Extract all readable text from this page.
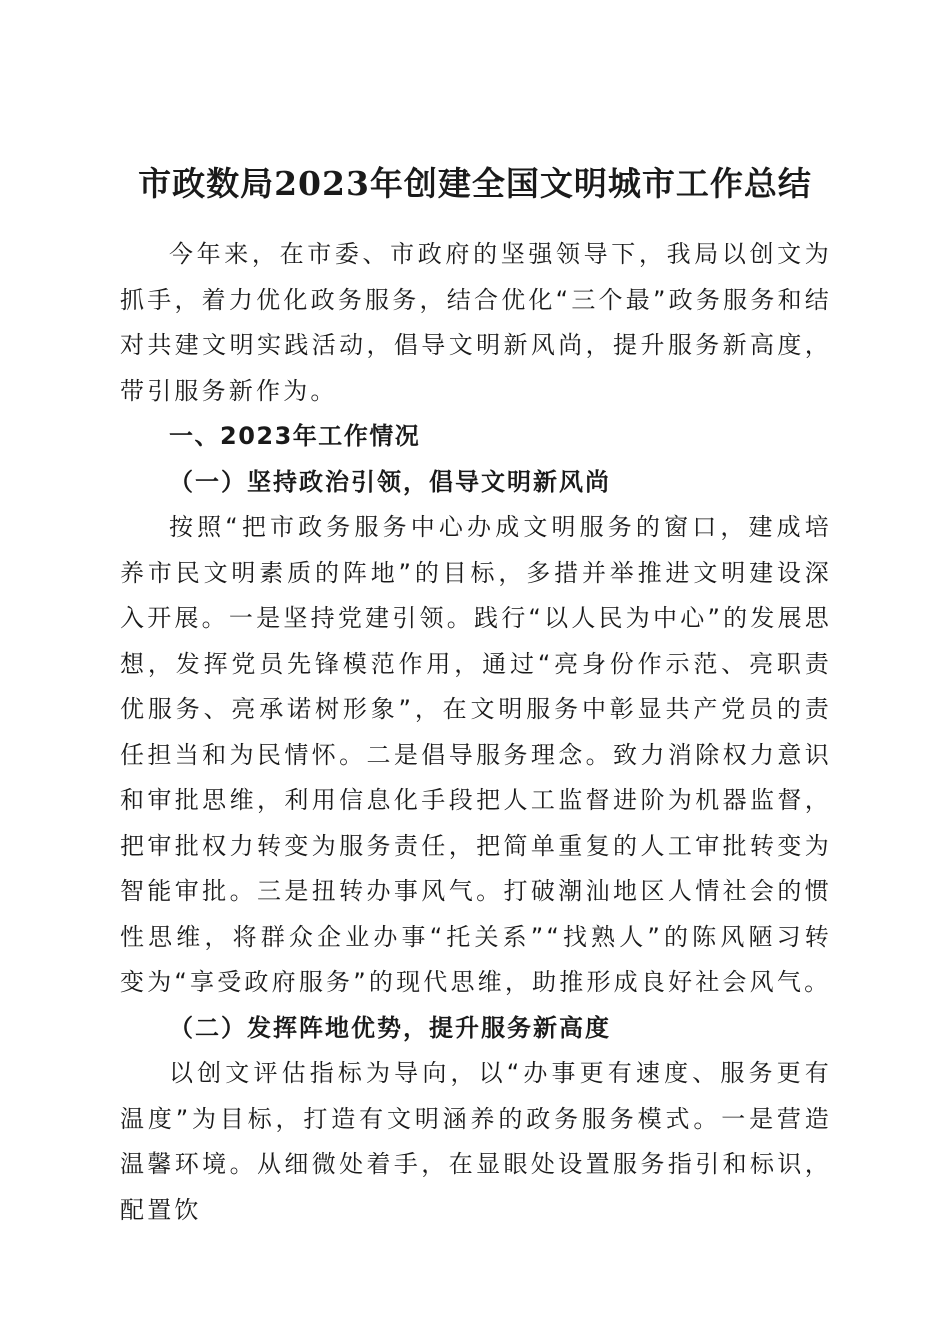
市政数局2023年创建全国文明城市工作总结

今年来，在市委、市政府的坚强领导下，我局以创文为抓手，着力优化政务服务，结合优化“三个最”政务服务和结对共建文明实践活动，倡导文明新风尚，提升服务新高度，带引服务新作为。

一、2023年工作情况

（一）坚持政治引领，倡导文明新风尚

按照“把市政务服务中心办成文明服务的窗口，建成培养市民文明素质的阵地”的目标，多措并举推进文明建设深入开展。一是坚持党建引领。践行“以人民为中心”的发展思想，发挥党员先锋模范作用，通过“亮身份作示范、亮职责优服务、亮承诺树形象”，在文明服务中彰显共产党员的责任担当和为民情怀。二是倡导服务理念。致力消除权力意识和审批思维，利用信息化手段把人工监督进阶为机器监督，把审批权力转变为服务责任，把简单重复的人工审批转变为智能审批。三是扭转办事风气。打破潮汕地区人情社会的惯性思维，将群众企业办事“托关系”“找熟人”的陈风陋习转变为“享受政府服务”的现代思维，助推形成良好社会风气。

（二）发挥阵地优势，提升服务新高度

以创文评估指标为导向，以“办事更有速度、服务更有温度”为目标，打造有文明涵养的政务服务模式。一是营造温馨环境。从细微处着手，在显眼处设置服务指引和标识，配置饮
